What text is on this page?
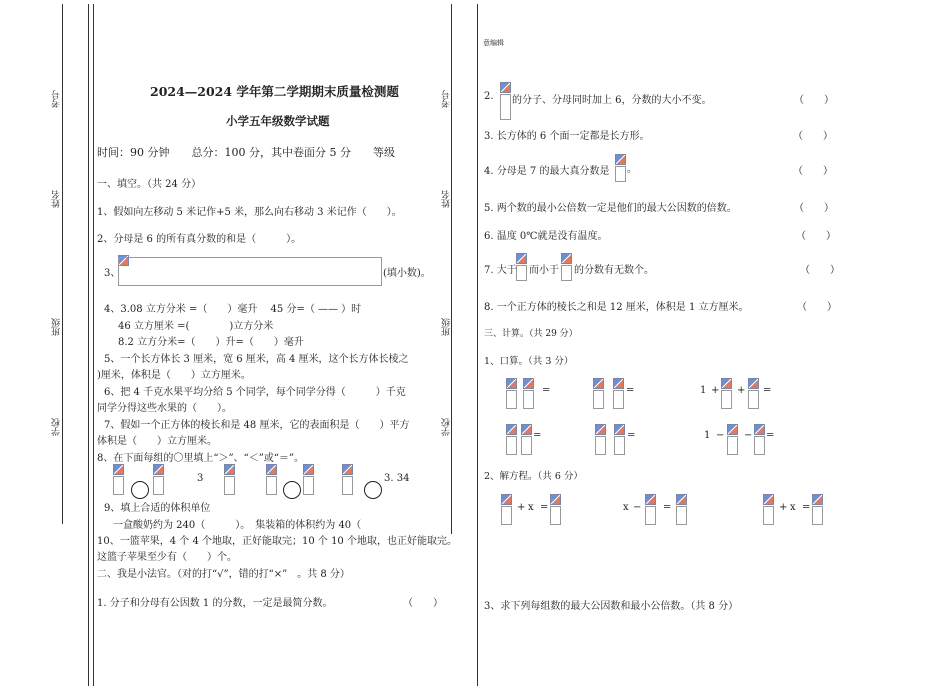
考号
姓名
班级
学校
考号
姓名
班级
学校
意编辑
2024—2024 学年第二学期期末质量检测题
小学五年级数学试题
时间：90 分钟　　总分：100 分，其中卷面分 5 分　　等级
一、填空。（共 24 分）
1、假如向左移动 5 米记作+5 米，那么向右移动 3 米记作（　　）。
2、分母是 6 的所有真分数的和是（　　　）。
3、	(填小数)。
4、3.08 立方分米 =（　　）毫升　 45 分=（ —— ）时
46 立方厘米 =(　　　　)立方分米
8.2 立方分米=（　　）升=（　　）毫升
5、一个长方体长 3 厘米，宽 6 厘米，高 4 厘米，这个长方体长棱之
)厘米，体积是（　　）立方厘米。
6、把 4 千克水果平均分给 5 个同学，每个同学分得（　　　）千克
同学分得这些水果的（　　）。
7、假如一个正方体的棱长和是 48 厘米，它的表面积是（　　）平方
体积是（　　）立方厘米。
8、在下面每组的〇里填上“＞”、“＜”或“＝”。
3	3. 34
9、填上合适的体积单位
一盒酸奶约为 240（　　　）。　集装箱的体积约为 40（
10、一篮苹果，4 个 4 个地取，正好能取完；10 个 10 个地取，也正好能取完。
这篮子苹果至少有（　　）个。
二、我是小法官。（对的打“√”，错的打“×”　。共 8 分）
1. 分子和分母有公因数 1 的分数，一定是最简分数。	（　　）
2. 的分子、分母同时加上 6，分数的大小不变。	（　　）
3. 长方体的 6 个面一定都是长方形。	（　　）
4. 分母是 7 的最大真分数是 。	（　　）
5. 两个数的最小公倍数一定是他们的最大公因数的倍数。	（　　）
6. 温度 0℃就是没有温度。	（　　）
7. 大于 而小于 的分数有无数个。	（　　）
8. 一个正方体的棱长之和是 12 厘米，体积是 1 立方厘米。	（　　）
三、计算。（共 29 分）
1、口算。（共 3 分）
=	=	1 + + =
=	=	1 − − =
2、解方程。（共 6 分）
+ x =	x − =	+ x =
3、求下列每组数的最大公因数和最小公倍数。（共 8 分）
